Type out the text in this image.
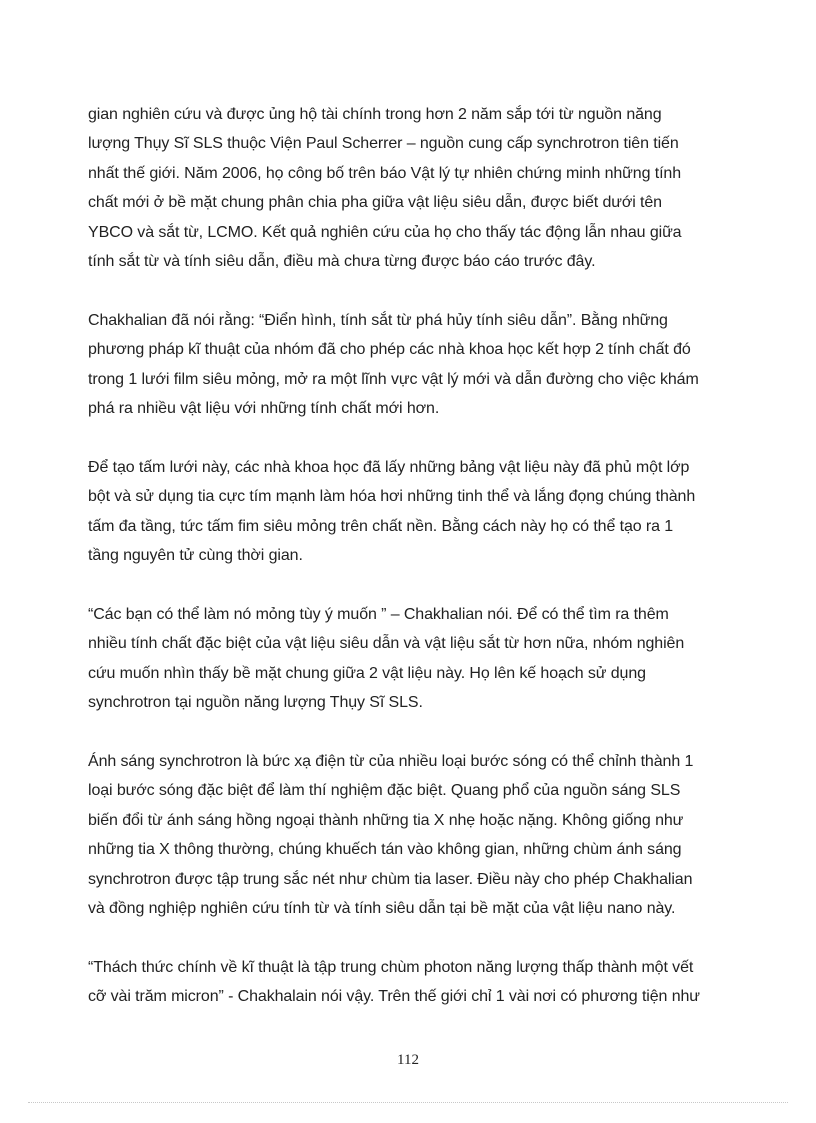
gian nghiên cứu và được ủng hộ tài chính trong hơn 2 năm sắp tới từ nguồn năng
lượng Thụy Sĩ SLS thuộc Viện Paul Scherrer – nguồn cung cấp synchrotron tiên tiến
nhất thế giới. Năm 2006, họ công bố trên báo Vật lý tự nhiên chứng minh những tính
chất mới ở bề mặt chung phân chia pha giữa vật liệu siêu dẫn, được biết dưới tên
YBCO và sắt từ, LCMO. Kết quả nghiên cứu của họ cho thấy tác động lẫn nhau giữa
tính sắt từ và tính siêu dẫn, điều mà chưa từng được báo cáo trước đây.

Chakhalian đã nói rằng: “Điển hình, tính sắt từ phá hủy tính siêu dẫn”. Bằng những
phương pháp kĩ thuật của nhóm đã cho phép các nhà khoa học kết hợp 2 tính chất đó
trong 1 lưới film siêu mỏng, mở ra một lĩnh vực vật lý mới và dẫn đường cho việc khám
phá ra nhiều vật liệu với những tính chất mới hơn.

Để tạo tấm lưới này, các nhà khoa học đã lấy những bảng vật liệu này đã phủ một lớp
bột và sử dụng tia cực tím mạnh làm hóa hơi những tinh thể và lắng đọng chúng thành
tấm đa tầng, tức tấm fim siêu mỏng trên chất nền. Bằng cách này họ có thể tạo ra 1
tầng nguyên tử cùng thời gian.

“Các bạn có thể làm nó mỏng tùy ý muốn ” – Chakhalian nói. Để có thể tìm ra thêm
nhiều tính chất đặc biệt của vật liệu siêu dẫn và vật liệu sắt từ hơn nữa, nhóm nghiên
cứu muốn nhìn thấy bề mặt chung giữa 2 vật liệu này. Họ lên kế hoạch sử dụng
synchrotron tại nguồn năng lượng Thụy Sĩ SLS.

Ánh sáng synchrotron là bức xạ điện từ của nhiều loại bước sóng có thể chỉnh thành 1
loại bước sóng đặc biệt để làm thí nghiệm đặc biệt. Quang phổ của nguồn sáng SLS
biến đổi từ ánh sáng hồng ngoại thành những tia X nhẹ hoặc nặng. Không giống như
những tia X thông thường, chúng khuếch tán vào không gian, những chùm ánh sáng
synchrotron được tập trung sắc nét như chùm tia laser. Điều này cho phép Chakhalian
và đồng nghiệp nghiên cứu tính từ và tính siêu dẫn tại bề mặt của vật liệu nano này.

“Thách thức chính về kĩ thuật là tập trung chùm photon năng lượng thấp thành một vết
cỡ vài trăm micron” - Chakhalain nói vậy. Trên thế giới chỉ 1 vài nơi có phương tiện như

112
